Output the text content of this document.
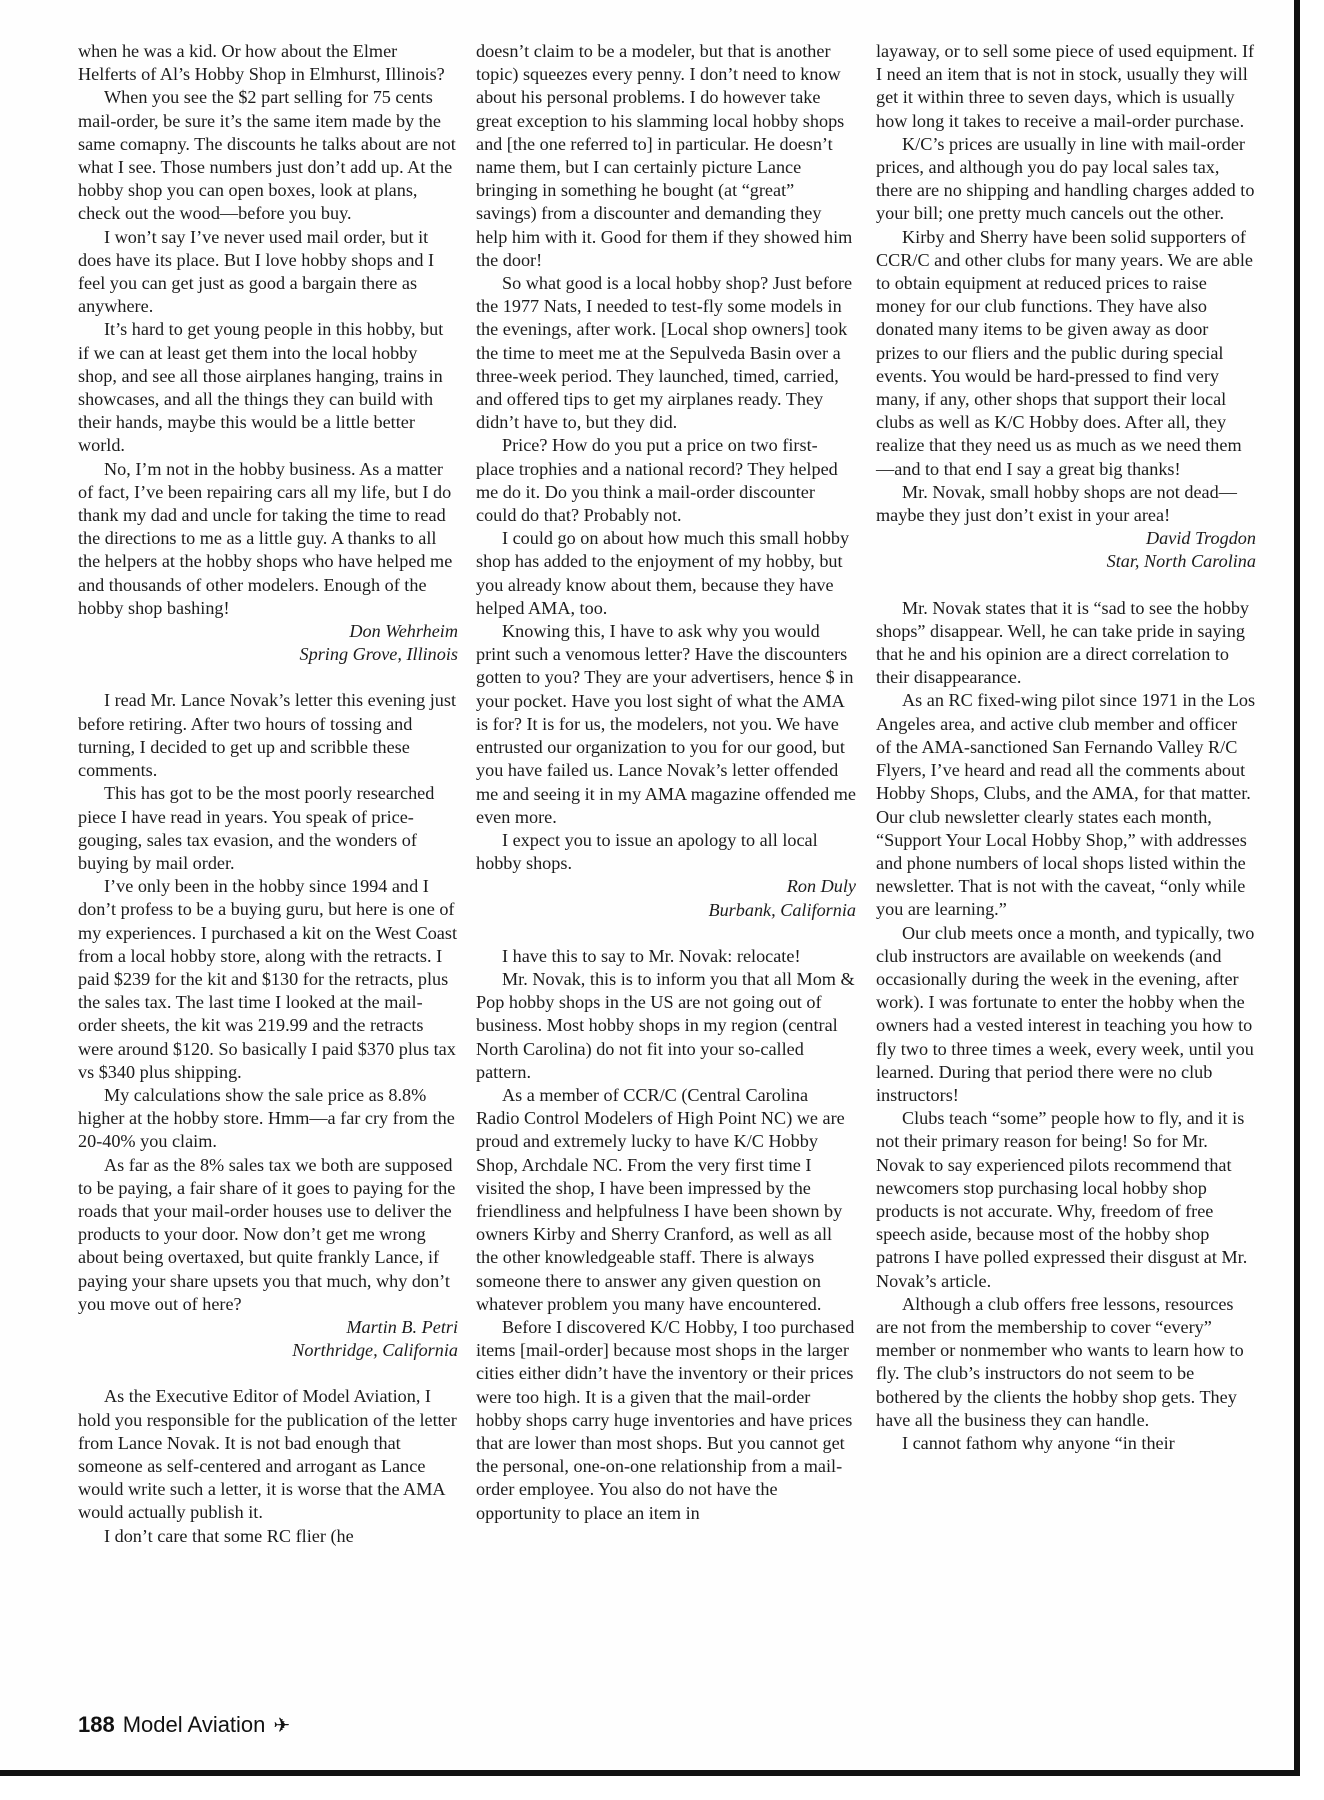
when he was a kid. Or how about the Elmer Helferts of Al’s Hobby Shop in Elmhurst, Illinois?

When you see the $2 part selling for 75 cents mail-order, be sure it’s the same item made by the same comapny. The discounts he talks about are not what I see. Those numbers just don’t add up. At the hobby shop you can open boxes, look at plans, check out the wood—before you buy.

I won’t say I’ve never used mail order, but it does have its place. But I love hobby shops and I feel you can get just as good a bargain there as anywhere.

It’s hard to get young people in this hobby, but if we can at least get them into the local hobby shop, and see all those airplanes hanging, trains in showcases, and all the things they can build with their hands, maybe this would be a little better world.

No, I’m not in the hobby business. As a matter of fact, I’ve been repairing cars all my life, but I do thank my dad and uncle for taking the time to read the directions to me as a little guy. A thanks to all the helpers at the hobby shops who have helped me and thousands of other modelers. Enough of the hobby shop bashing!

Don Wehrheim

Spring Grove, Illinois

I read Mr. Lance Novak’s letter this evening just before retiring. After two hours of tossing and turning, I decided to get up and scribble these comments.

This has got to be the most poorly researched piece I have read in years. You speak of price-gouging, sales tax evasion, and the wonders of buying by mail order.

I’ve only been in the hobby since 1994 and I don’t profess to be a buying guru, but here is one of my experiences. I purchased a kit on the West Coast from a local hobby store, along with the retracts. I paid $239 for the kit and $130 for the retracts, plus the sales tax. The last time I looked at the mail-order sheets, the kit was 219.99 and the retracts were around $120. So basically I paid $370 plus tax vs $340 plus shipping.

My calculations show the sale price as 8.8% higher at the hobby store. Hmm—a far cry from the 20-40% you claim.

As far as the 8% sales tax we both are supposed to be paying, a fair share of it goes to paying for the roads that your mail-order houses use to deliver the products to your door. Now don’t get me wrong about being overtaxed, but quite frankly Lance, if paying your share upsets you that much, why don’t you move out of here?

Martin B. Petri

Northridge, California

As the Executive Editor of Model Aviation, I hold you responsible for the publication of the letter from Lance Novak. It is not bad enough that someone as self-centered and arrogant as Lance would write such a letter, it is worse that the AMA would actually publish it.

I don’t care that some RC flier (he

doesn’t claim to be a modeler, but that is another topic) squeezes every penny. I don’t need to know about his personal problems. I do however take great exception to his slamming local hobby shops and [the one referred to] in particular. He doesn’t name them, but I can certainly picture Lance bringing in something he bought (at “great” savings) from a discounter and demanding they help him with it. Good for them if they showed him the door!

So what good is a local hobby shop? Just before the 1977 Nats, I needed to test-fly some models in the evenings, after work. [Local shop owners] took the time to meet me at the Sepulveda Basin over a three-week period. They launched, timed, carried, and offered tips to get my airplanes ready. They didn’t have to, but they did.

Price? How do you put a price on two first-place trophies and a national record? They helped me do it. Do you think a mail-order discounter could do that? Probably not.

I could go on about how much this small hobby shop has added to the enjoyment of my hobby, but you already know about them, because they have helped AMA, too.

Knowing this, I have to ask why you would print such a venomous letter? Have the discounters gotten to you? They are your advertisers, hence $ in your pocket. Have you lost sight of what the AMA is for? It is for us, the modelers, not you. We have entrusted our organization to you for our good, but you have failed us. Lance Novak’s letter offended me and seeing it in my AMA magazine offended me even more.

I expect you to issue an apology to all local hobby shops.

Ron Duly

Burbank, California

I have this to say to Mr. Novak: relocate!

Mr. Novak, this is to inform you that all Mom & Pop hobby shops in the US are not going out of business. Most hobby shops in my region (central North Carolina) do not fit into your so-called pattern.

As a member of CCR/C (Central Carolina Radio Control Modelers of High Point NC) we are proud and extremely lucky to have K/C Hobby Shop, Archdale NC. From the very first time I visited the shop, I have been impressed by the friendliness and helpfulness I have been shown by owners Kirby and Sherry Cranford, as well as all the other knowledgeable staff. There is always someone there to answer any given question on whatever problem you many have encountered.

Before I discovered K/C Hobby, I too purchased items [mail-order] because most shops in the larger cities either didn’t have the inventory or their prices were too high. It is a given that the mail-order hobby shops carry huge inventories and have prices that are lower than most shops. But you cannot get the personal, one-on-one relationship from a mail-order employee. You also do not have the opportunity to place an item in

layaway, or to sell some piece of used equipment. If I need an item that is not in stock, usually they will get it within three to seven days, which is usually how long it takes to receive a mail-order purchase.

K/C’s prices are usually in line with mail-order prices, and although you do pay local sales tax, there are no shipping and handling charges added to your bill; one pretty much cancels out the other.

Kirby and Sherry have been solid supporters of CCR/C and other clubs for many years. We are able to obtain equipment at reduced prices to raise money for our club functions. They have also donated many items to be given away as door prizes to our fliers and the public during special events. You would be hard-pressed to find very many, if any, other shops that support their local clubs as well as K/C Hobby does. After all, they realize that they need us as much as we need them—and to that end I say a great big thanks!

Mr. Novak, small hobby shops are not dead—maybe they just don’t exist in your area!

David Trogdon

Star, North Carolina

Mr. Novak states that it is “sad to see the hobby shops” disappear. Well, he can take pride in saying that he and his opinion are a direct correlation to their disappearance.

As an RC fixed-wing pilot since 1971 in the Los Angeles area, and active club member and officer of the AMA-sanctioned San Fernando Valley R/C Flyers, I’ve heard and read all the comments about Hobby Shops, Clubs, and the AMA, for that matter. Our club newsletter clearly states each month, “Support Your Local Hobby Shop,” with addresses and phone numbers of local shops listed within the newsletter. That is not with the caveat, “only while you are learning.”

Our club meets once a month, and typically, two club instructors are available on weekends (and occasionally during the week in the evening, after work). I was fortunate to enter the hobby when the owners had a vested interest in teaching you how to fly two to three times a week, every week, until you learned. During that period there were no club instructors!

Clubs teach “some” people how to fly, and it is not their primary reason for being! So for Mr. Novak to say experienced pilots recommend that newcomers stop purchasing local hobby shop products is not accurate. Why, freedom of free speech aside, because most of the hobby shop patrons I have polled expressed their disgust at Mr. Novak’s article.

Although a club offers free lessons, resources are not from the membership to cover “every” member or nonmember who wants to learn how to fly. The club’s instructors do not seem to be bothered by the clients the hobby shop gets. They have all the business they can handle.

I cannot fathom why anyone “in their

188 Model Aviation ✈
